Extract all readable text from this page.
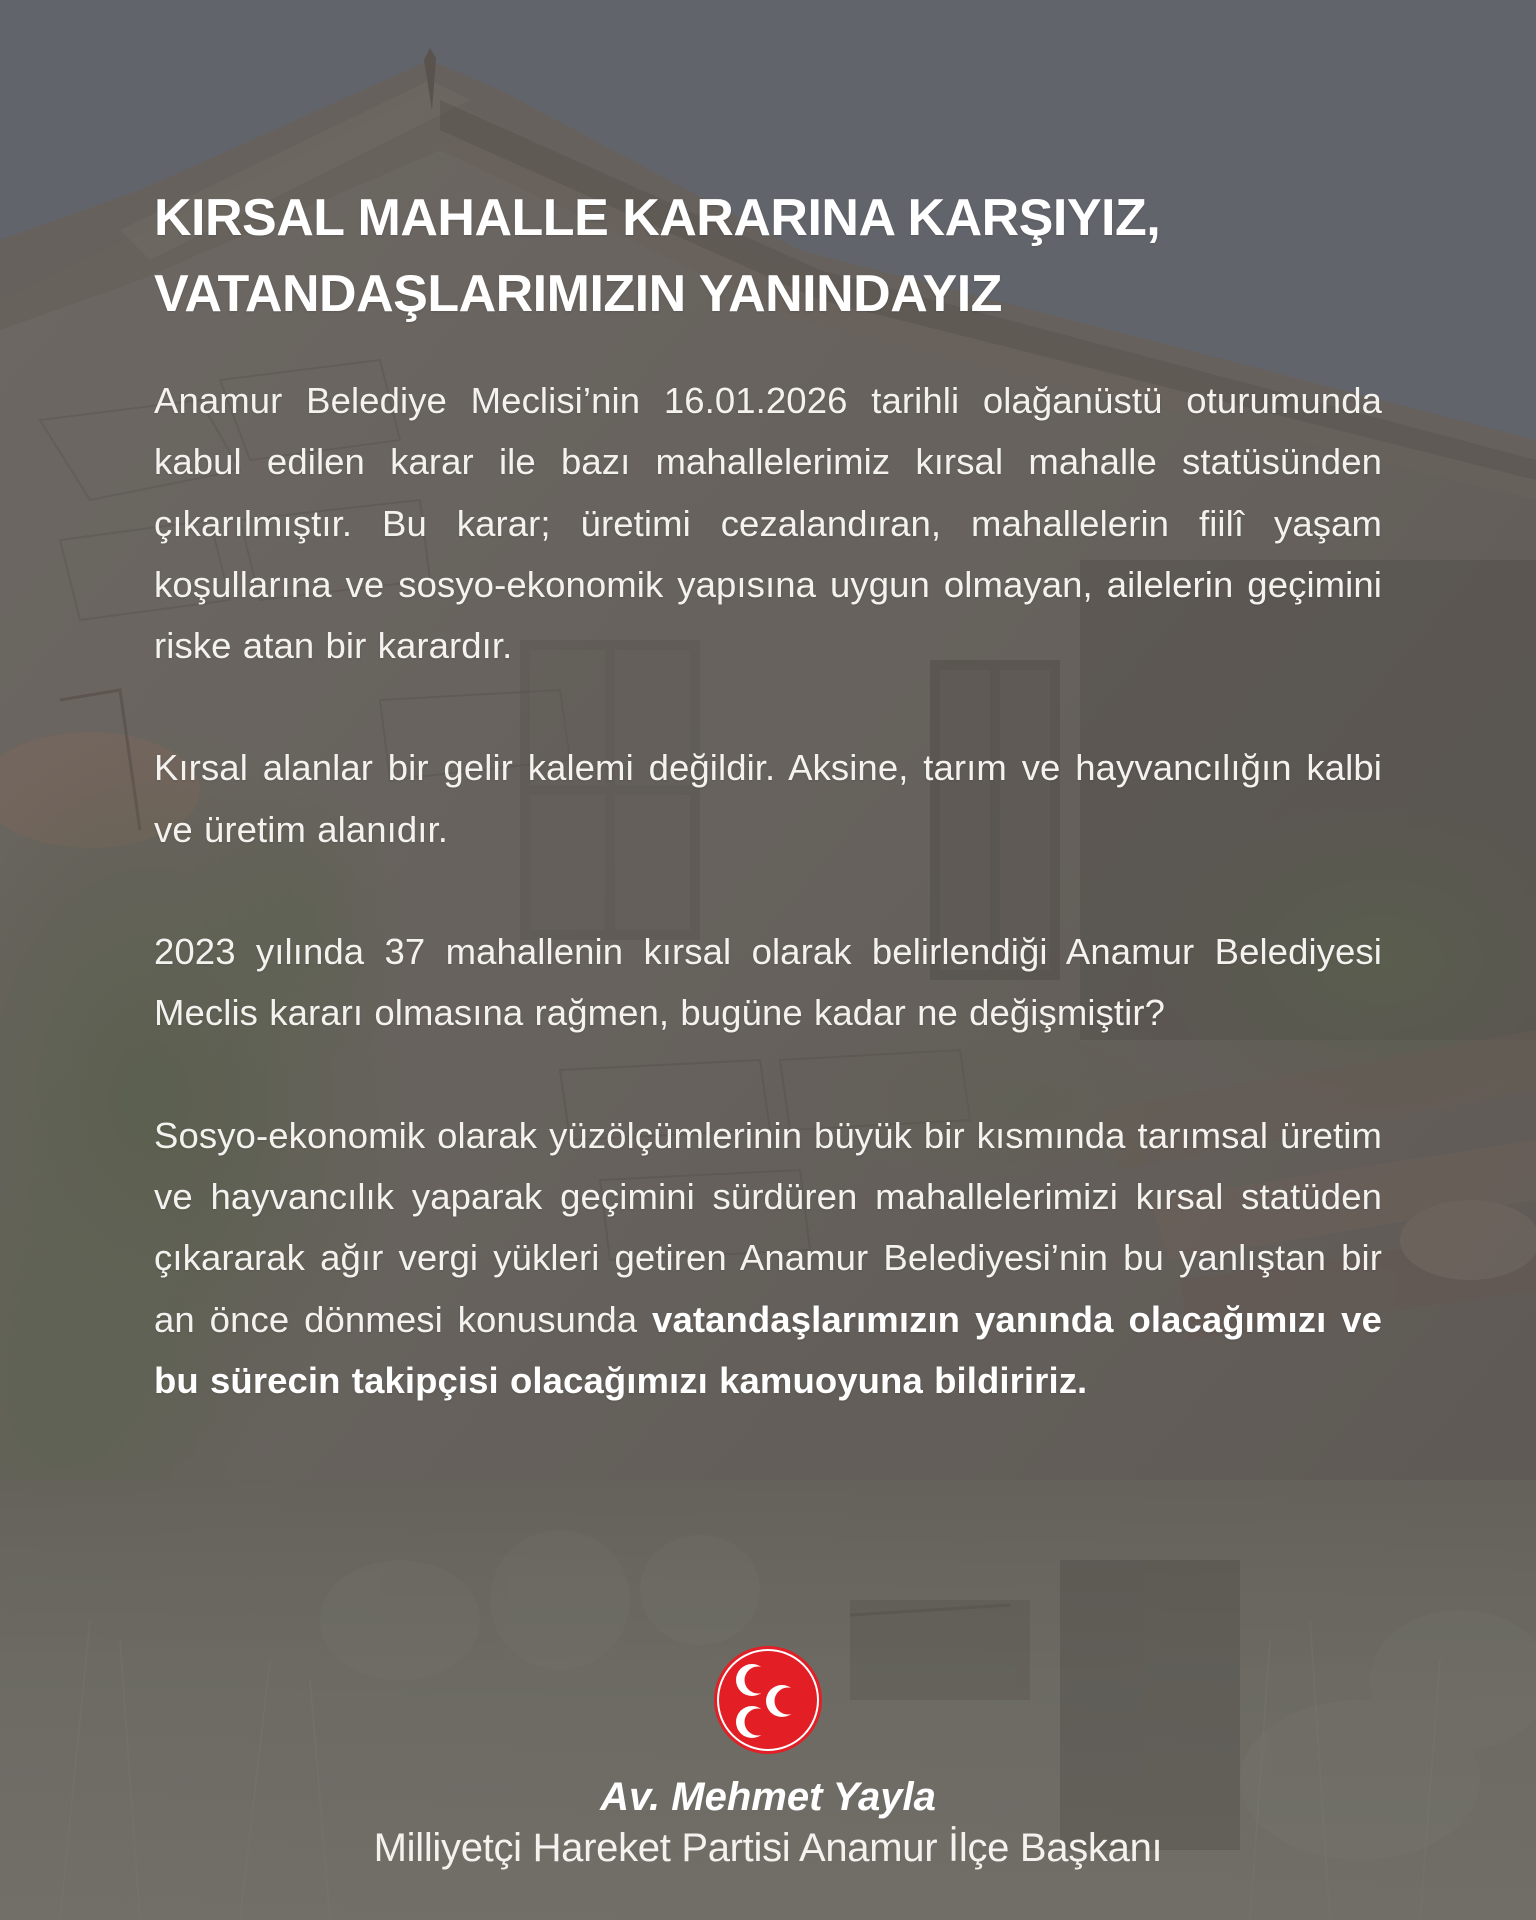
KIRSAL MAHALLE KARARINA KARŞIYIZ,
VATANDAŞLARIMIZIN YANINDAYIZ

Anamur Belediye Meclisi’nin 16.01.2026 tarihli olağanüstü oturumunda kabul edilen karar ile bazı mahallelerimiz kırsal mahalle statüsünden çıkarılmıştır. Bu karar; üretimi cezalandıran, mahallelerin fiilî yaşam koşullarına ve sosyo-ekonomik yapısına uygun olmayan, ailelerin geçimini riske atan bir karardır.

Kırsal alanlar bir gelir kalemi değildir. Aksine, tarım ve hayvancılığın kalbi ve üretim alanıdır.

2023 yılında 37 mahallenin kırsal olarak belirlendiği Anamur Belediyesi Meclis kararı olmasına rağmen, bugüne kadar ne değişmiştir?

Sosyo-ekonomik olarak yüzölçümlerinin büyük bir kısmında tarımsal üretim ve hayvancılık yaparak geçimini sürdüren mahallelerimizi kırsal statüden çıkararak ağır vergi yükleri getiren Anamur Belediyesi’nin bu yanlıştan bir an önce dönmesi konusunda vatandaşlarımızın yanında olacağımızı ve bu sürecin takipçisi olacağımızı kamuoyuna bildiririz.

Av. Mehmet Yayla
Milliyetçi Hareket Partisi Anamur İlçe Başkanı
